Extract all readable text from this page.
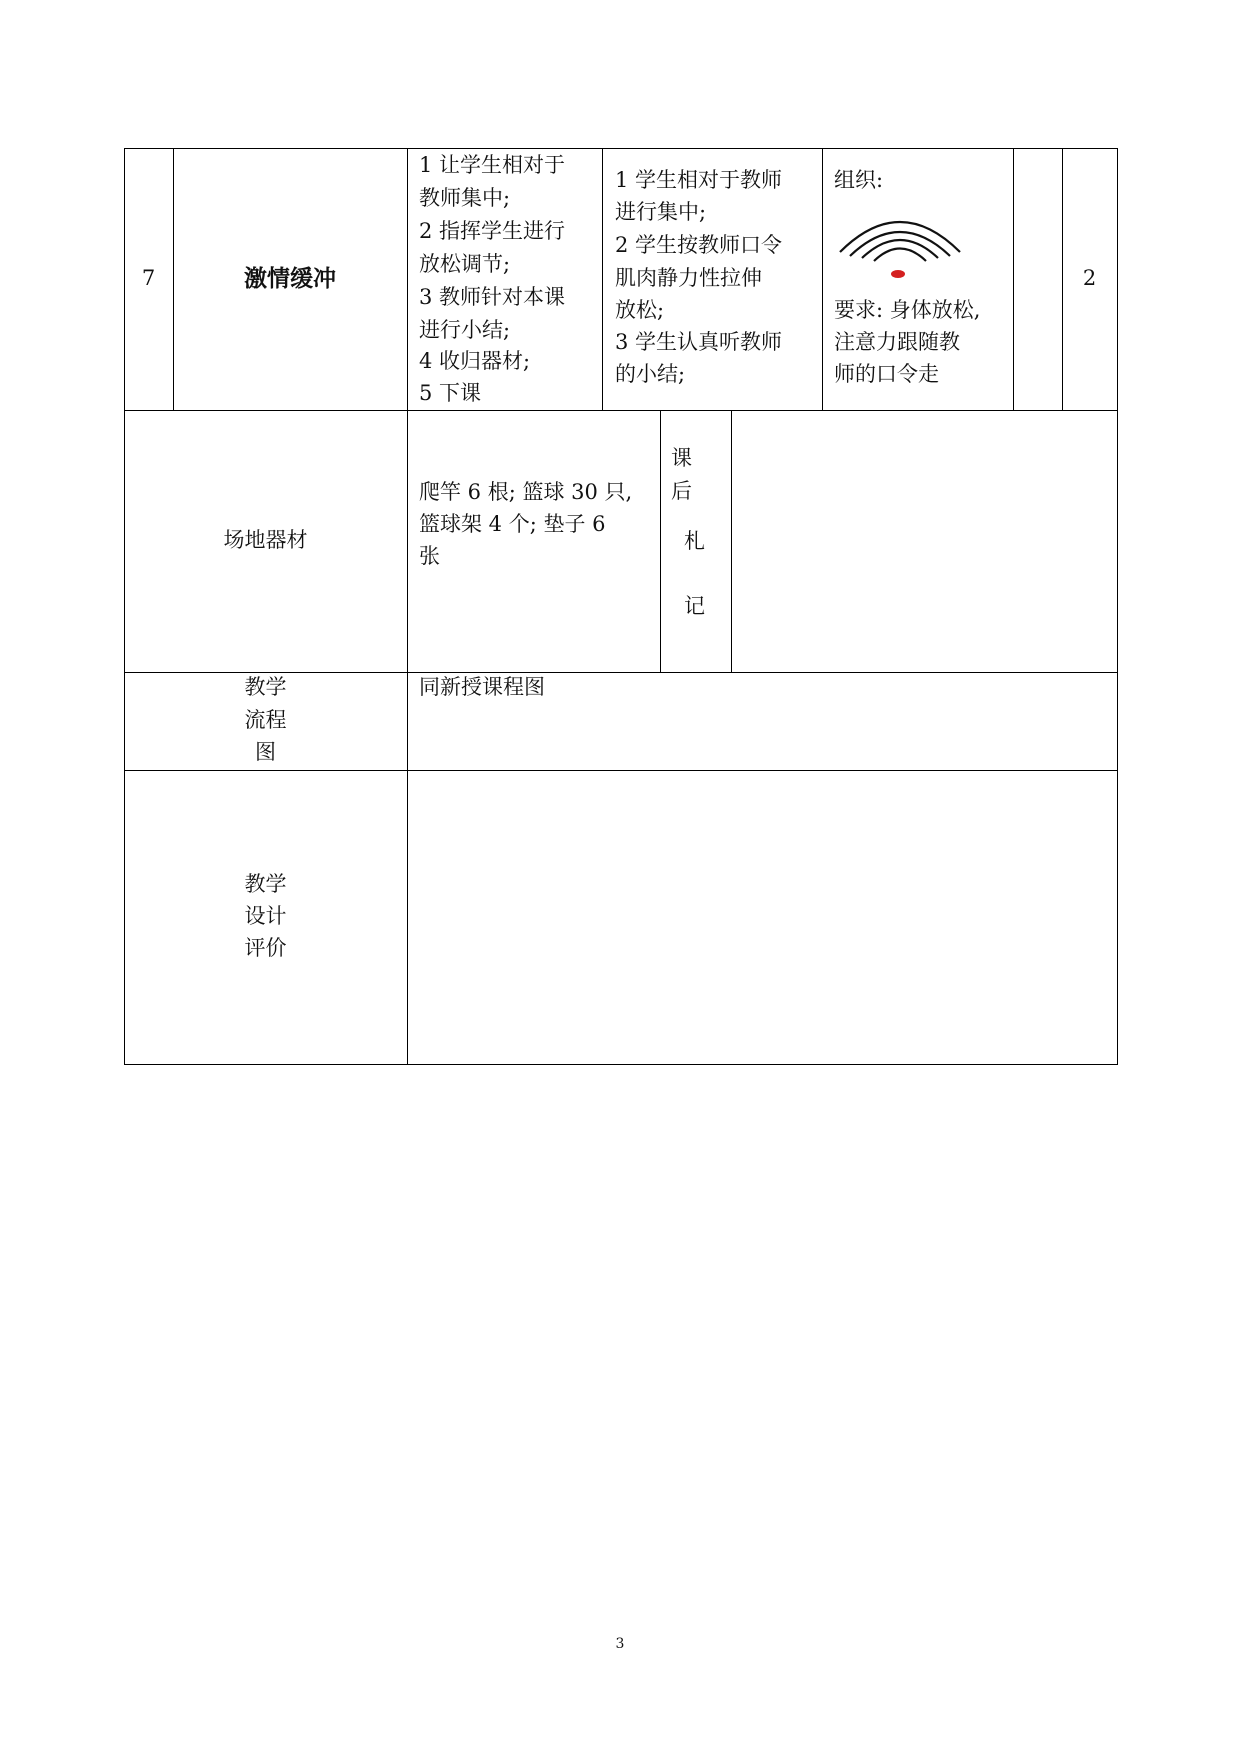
7	激情缓冲
1 让学生相对于
教师集中;
2 指挥学生进行
放松调节;
3 教师针对本课
进行小结;
4 收归器材;
5 下课
1 学生相对于教师
进行集中;
2 学生按教师口令
肌肉静力性拉伸
放松;
3 学生认真听教师
的小结;
组织:
要求: 身体放松,
注意力跟随教
师的口令走
2
场地器材
爬竿 6 根; 篮球 30 只,
篮球架 4 个; 垫子 6
张
课
后
札
记
教学
流程
图
同新授课程图
教学
设计
评价
3
